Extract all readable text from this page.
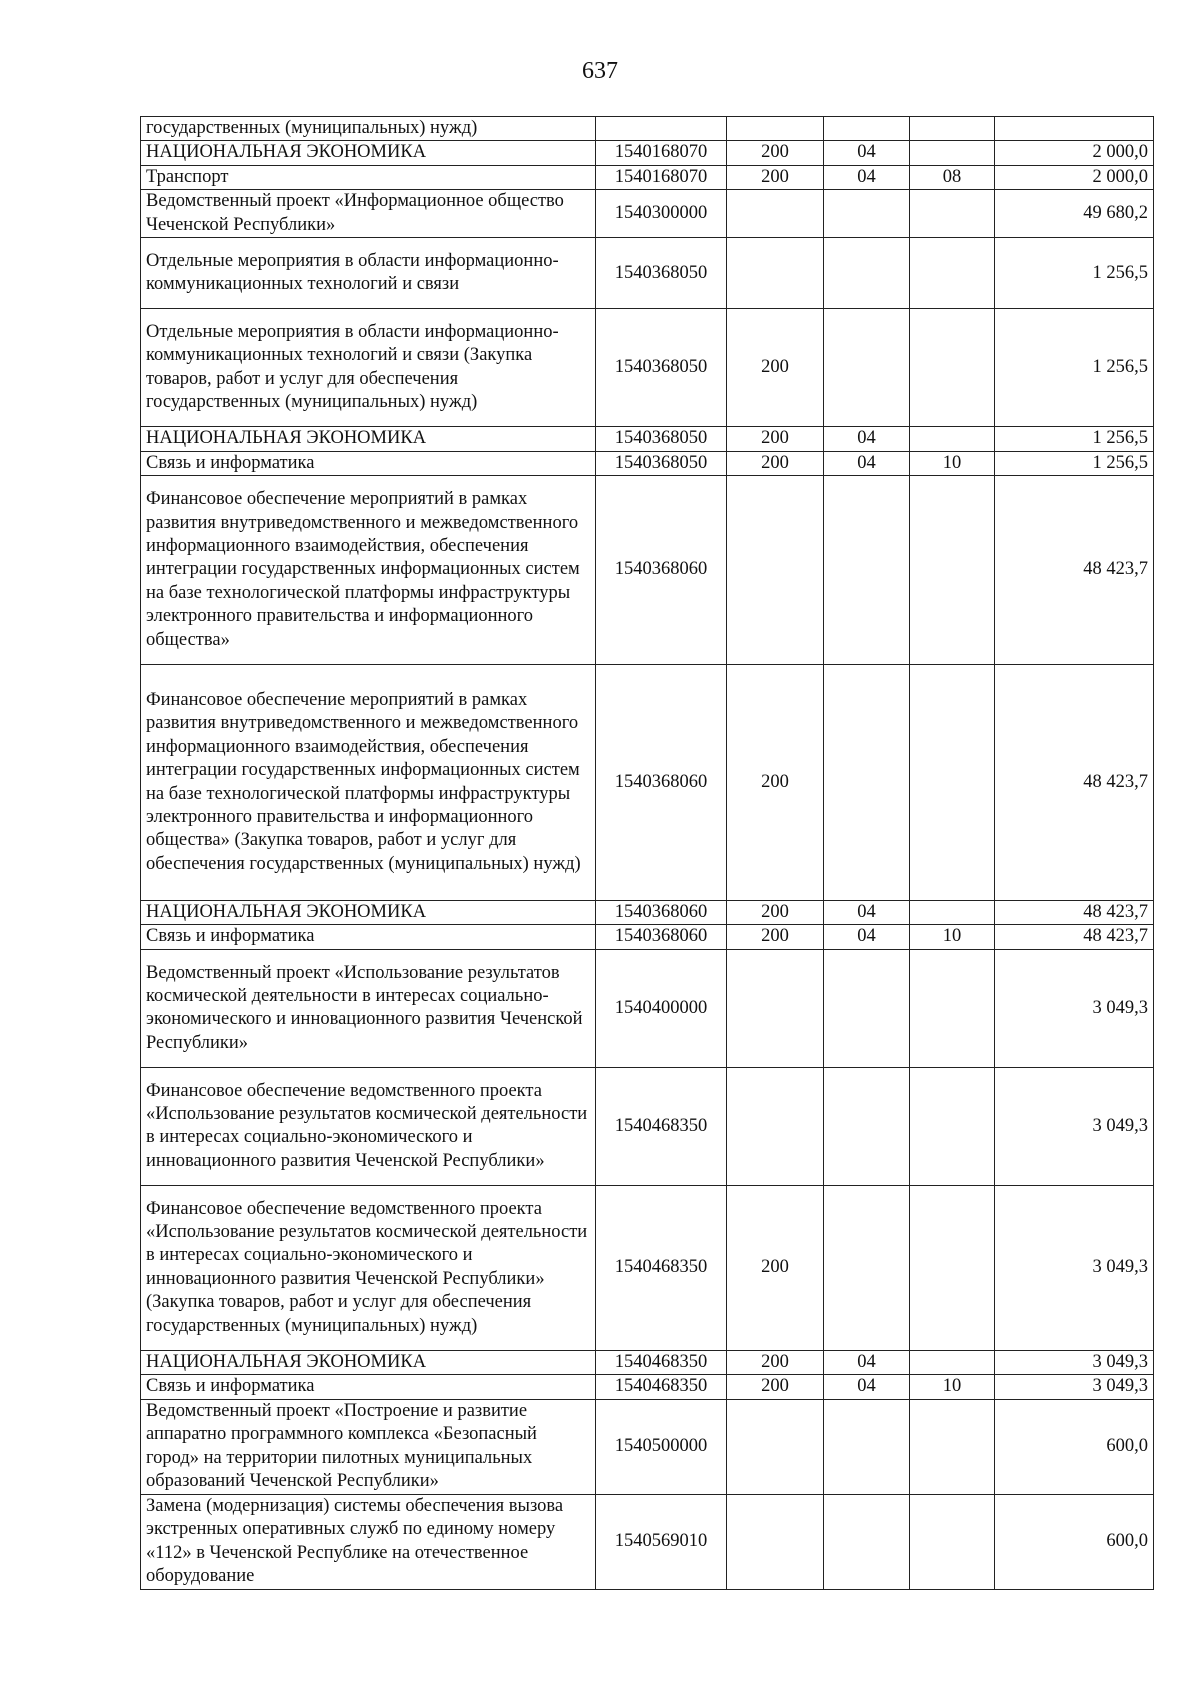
637
государственных (муниципальных) нужд)					
НАЦИОНАЛЬНАЯ ЭКОНОМИКА	1540168070	200	04		2 000,0
Транспорт	1540168070	200	04	08	2 000,0
Ведомственный проект «Информационное общество Чеченской Республики»	1540300000				49 680,2
Отдельные мероприятия в области информационно-коммуникационных технологий и связи	1540368050				1 256,5
Отдельные мероприятия в области информационно-коммуникационных технологий и связи (Закупка товаров, работ и услуг для обеспечения государственных (муниципальных) нужд)	1540368050	200			1 256,5
НАЦИОНАЛЬНАЯ ЭКОНОМИКА	1540368050	200	04		1 256,5
Связь и информатика	1540368050	200	04	10	1 256,5
Финансовое обеспечение мероприятий в рамках развития внутриведомственного и межведомственного информационного взаимодействия, обеспечения интеграции государственных информационных систем на базе технологической платформы инфраструктуры электронного правительства и информационного общества»	1540368060				48 423,7
Финансовое обеспечение мероприятий в рамках развития внутриведомственного и межведомственного информационного взаимодействия, обеспечения интеграции государственных информационных систем на базе технологической платформы инфраструктуры электронного правительства и информационного общества» (Закупка товаров, работ и услуг для обеспечения государственных (муниципальных) нужд)	1540368060	200			48 423,7
НАЦИОНАЛЬНАЯ ЭКОНОМИКА	1540368060	200	04		48 423,7
Связь и информатика	1540368060	200	04	10	48 423,7
Ведомственный проект «Использование результатов космической деятельности в интересах социально-экономического и инновационного развития Чеченской Республики»	1540400000				3 049,3
Финансовое обеспечение ведомственного проекта «Использование результатов космической деятельности в интересах социально-экономического и инновационного развития Чеченской Республики»	1540468350				3 049,3
Финансовое обеспечение ведомственного проекта «Использование результатов космической деятельности в интересах социально-экономического и инновационного развития Чеченской Республики» (Закупка товаров, работ и услуг для обеспечения государственных (муниципальных) нужд)	1540468350	200			3 049,3
НАЦИОНАЛЬНАЯ ЭКОНОМИКА	1540468350	200	04		3 049,3
Связь и информатика	1540468350	200	04	10	3 049,3
Ведомственный проект «Построение и развитие аппаратно программного комплекса «Безопасный город» на территории пилотных муниципальных образований Чеченской Республики»	1540500000				600,0
Замена (модернизация) системы обеспечения вызова экстренных оперативных служб по единому номеру «112» в Чеченской Республике на отечественное оборудование	1540569010				600,0
